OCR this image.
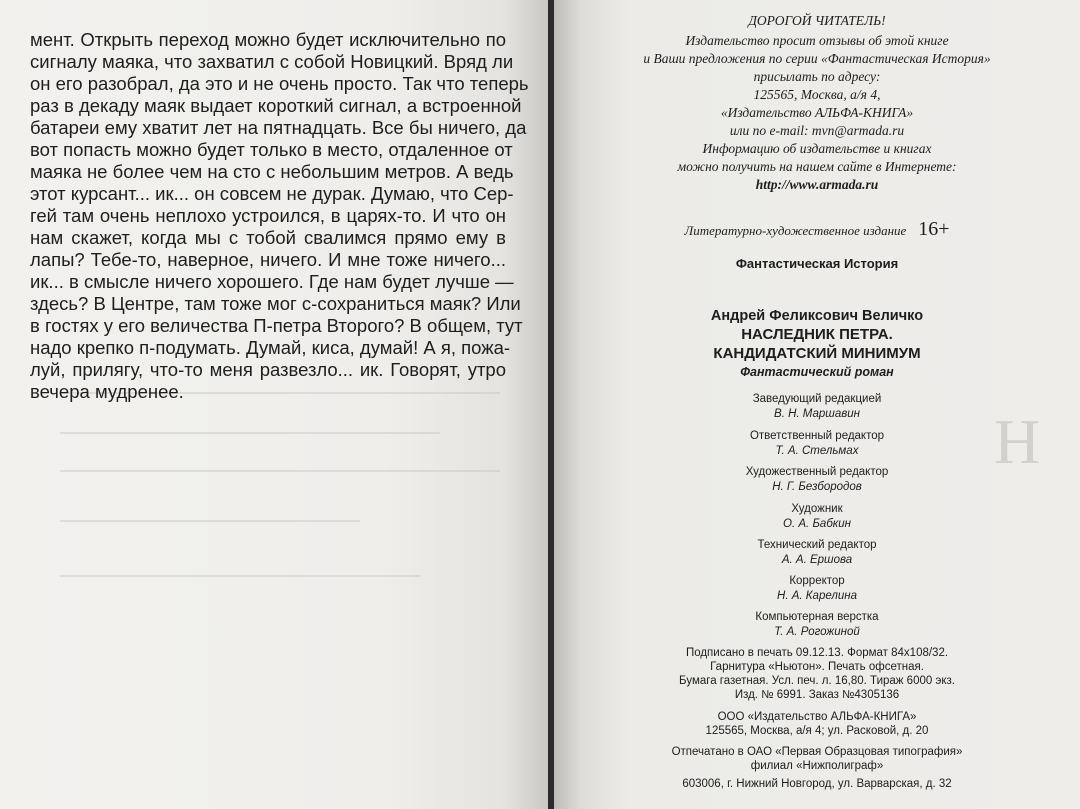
мент. Открыть переход можно будет исключительно по
сигналу маяка, что захватил с собой Новицкий. Вряд ли
он его разобрал, да это и не очень просто. Так что теперь
раз в декаду маяк выдает короткий сигнал, а встроенной
батареи ему хватит лет на пятнадцать. Все бы ничего, да
вот попасть можно будет только в место, отдаленное от
маяка не более чем на сто с небольшим метров. А ведь
этот курсант... ик... он совсем не дурак. Думаю, что Сер-
гей там очень неплохо устроился, в царях-то. И что он
нам скажет, когда мы с тобой свалимся прямо ему в
лапы? Тебе-то, наверное, ничего. И мне тоже ничего...
ик... в смысле ничего хорошего. Где нам будет лучше —
здесь? В Центре, там тоже мог с-сохраниться маяк? Или
в гостях у его величества П-петра Второго? В общем, тут
надо крепко п-подумать. Думай, киса, думай! А я, пожа-
луй, прилягу, что-то меня развезло... ик. Говорят, утро
вечера мудренее.
Н

ДОРОГОЙ ЧИТАТЕЛЬ!
Издательство просит отзывы об этой книге
и Ваши предложения по серии «Фантастическая История»
присылать по адресу:
125565, Москва, а/я 4,
«Издательство АЛЬФА-КНИГА»
или по e-mail: mvn@armada.ru
Информацию об издательстве и книгах
можно получить на нашем сайте в Интернете:
http://www.armada.ru
Литературно-художественное издание 16+
Фантастическая История
Андрей Феликсович Величко
НАСЛЕДНИК ПЕТРА.
КАНДИДАТСКИЙ МИНИМУМ
Фантастический роман
Заведующий редакцией
В. Н. Маршавин
Ответственный редактор
Т. А. Стельмах
Художественный редактор
Н. Г. Безбородов
Художник
О. А. Бабкин
Технический редактор
А. А. Ершова
Корректор
Н. А. Карелина
Компьютерная верстка
Т. А. Рогожиной
Подписано в печать 09.12.13. Формат 84х108/32.
Гарнитура «Ньютон». Печать офсетная.
Бумага газетная. Усл. печ. л. 16,80. Тираж 6000 экз.
Изд. № 6991. Заказ №4305136
ООО «Издательство АЛЬФА-КНИГА»
125565, Москва, а/я 4; ул. Расковой, д. 20
Отпечатано в ОАО «Первая Образцовая типография»
филиал «Нижполиграф»
603006, г. Нижний Новгород, ул. Варварская, д. 32
